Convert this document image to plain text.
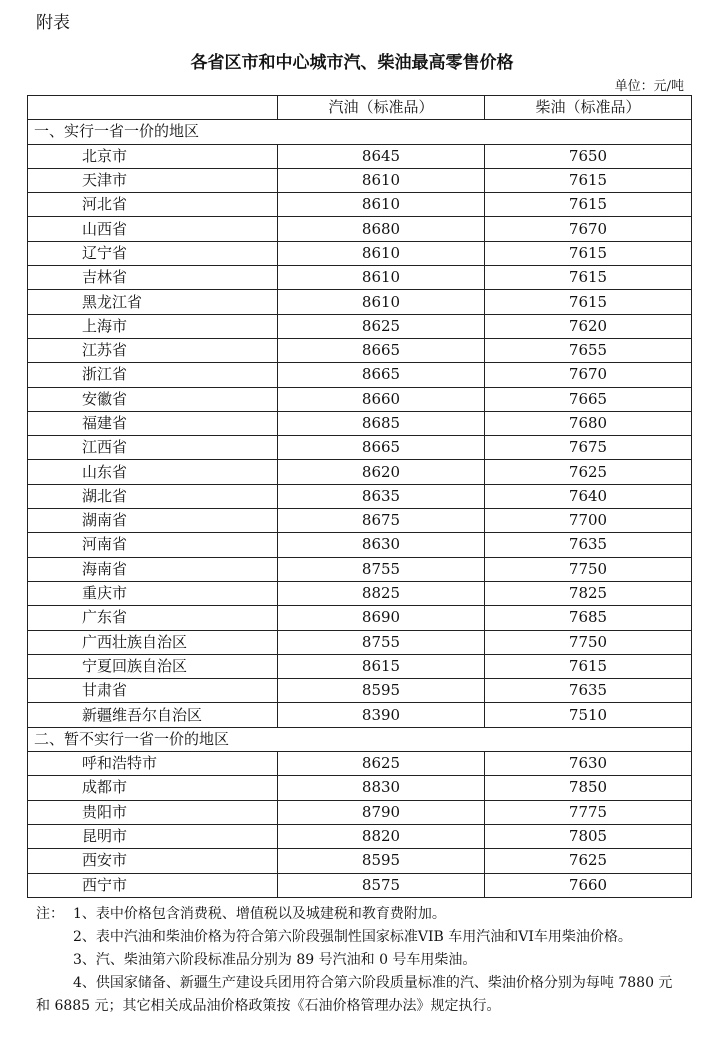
附表
各省区市和中心城市汽、柴油最高零售价格
单位：元/吨
	汽油（标准品）	柴油（标准品）
一、实行一省一价的地区		
北京市	8645	7650
天津市	8610	7615
河北省	8610	7615
山西省	8680	7670
辽宁省	8610	7615
吉林省	8610	7615
黑龙江省	8610	7615
上海市	8625	7620
江苏省	8665	7655
浙江省	8665	7670
安徽省	8660	7665
福建省	8685	7680
江西省	8665	7675
山东省	8620	7625
湖北省	8635	7640
湖南省	8675	7700
河南省	8630	7635
海南省	8755	7750
重庆市	8825	7825
广东省	8690	7685
广西壮族自治区	8755	7750
宁夏回族自治区	8615	7615
甘肃省	8595	7635
新疆维吾尔自治区	8390	7510
二、暂不实行一省一价的地区		
呼和浩特市	8625	7630
成都市	8830	7850
贵阳市	8790	7775
昆明市	8820	7805
西安市	8595	7625
西宁市	8575	7660

注： 1、表中价格包含消费税、增值税以及城建税和教育费附加。

2、表中汽油和柴油价格为符合第六阶段强制性国家标准VIB 车用汽油和VI车用柴油价格。

3、汽、柴油第六阶段标准品分别为 89 号汽油和 0 号车用柴油。

4、供国家储备、新疆生产建设兵团用符合第六阶段质量标准的汽、柴油价格分别为每吨 7880 元和 6885 元；其它相关成品油价格政策按《石油价格管理办法》规定执行。
